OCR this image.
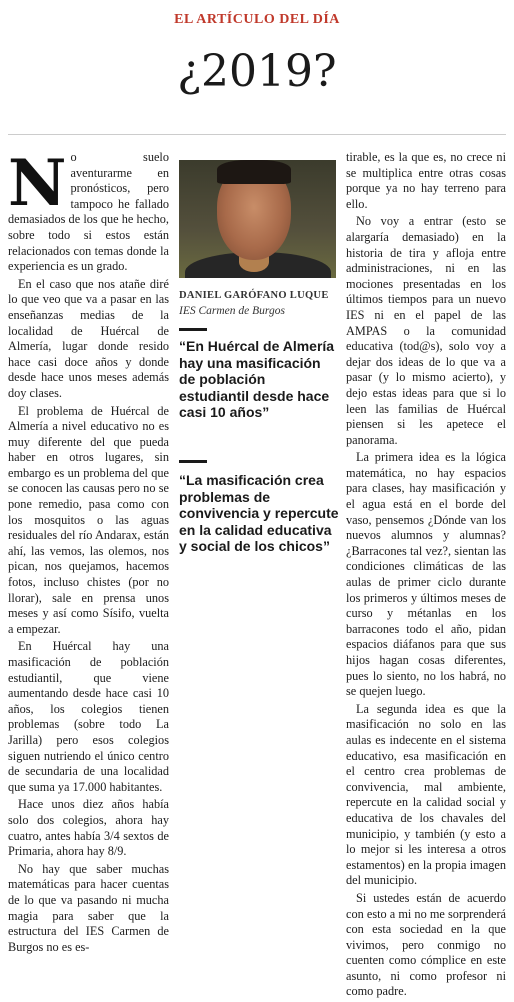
EL ARTÍCULO DEL DÍA
¿2019?
N o suelo aventurarme en pronósticos, pero tampoco he fallado demasiados de los que he hecho, sobre todo si estos están relacionados con temas donde la experiencia es un grado.

En el caso que nos atañe diré lo que veo que va a pasar en las enseñanzas medias de la localidad de Huércal de Almería, lugar donde resido hace casi doce años y donde desde hace unos meses además doy clases.

El problema de Huércal de Almería a nivel educativo no es muy diferente del que pueda haber en otros lugares, sin embargo es un problema del que se conocen las causas pero no se pone remedio, pasa como con los mosquitos o las aguas residuales del río Andarax, están ahí, las vemos, las olemos, nos pican, nos quejamos, hacemos fotos, incluso chistes (por no llorar), sale en prensa unos meses y así como Sísifo, vuelta a empezar.

En Huércal hay una masificación de población estudiantil, que viene aumentando desde hace casi 10 años, los colegios tienen problemas (sobre todo La Jarilla) pero esos colegios siguen nutriendo el único centro de secundaria de una localidad que suma ya 17.000 habitantes.

Hace unos diez años había solo dos colegios, ahora hay cuatro, antes había 3/4 sextos de Primaria, ahora hay 8/9.

No hay que saber muchas matemáticas para hacer cuentas de lo que va pasando ni mucha magia para saber que la estructura del IES Carmen de Burgos no es es-

DANIEL GARÓFANO LUQUE
IES Carmen de Burgos
“En Huércal de Almería hay una masificación de población estudiantil desde hace casi 10 años”
“La masificación crea problemas de convivencia y repercute en la calidad educativa y social de los chicos”

tirable, es la que es, no crece ni se multiplica entre otras cosas porque ya no hay terreno para ello.

No voy a entrar (esto se alargaría demasiado) en la historia de tira y afloja entre administraciones, ni en las mociones presentadas en los últimos tiempos para un nuevo IES ni en el papel de las AMPAS o la comunidad educativa (tod@s), solo voy a dejar dos ideas de lo que va a pasar (y lo mismo acierto), y dejo estas ideas para que si lo leen las familias de Huércal piensen si les apetece el panorama.

La primera idea es la lógica matemática, no hay espacios para clases, hay masificación y el agua está en el borde del vaso, pensemos ¿Dónde van los nuevos alumnos y alumnas? ¿Barracones tal vez?, sientan las condiciones climáticas de las aulas de primer ciclo durante los primeros y últimos meses de curso y métanlas en los barracones todo el año, pidan espacios diáfanos para que sus hijos hagan cosas diferentes, pues lo siento, no los habrá, no se quejen luego.

La segunda idea es que la masificación no solo en las aulas es indecente en el sistema educativo, esa masificación en el centro crea problemas de convivencia, mal ambiente, repercute en la calidad social y educativa de los chavales del municipio, y también (y esto a lo mejor si les interesa a otros estamentos) en la propia imagen del municipio.

Si ustedes están de acuerdo con esto a mi no me sorprenderá con esta sociedad en la que vivimos, pero conmigo no cuenten como cómplice en este asunto, ni como profesor ni como padre.
